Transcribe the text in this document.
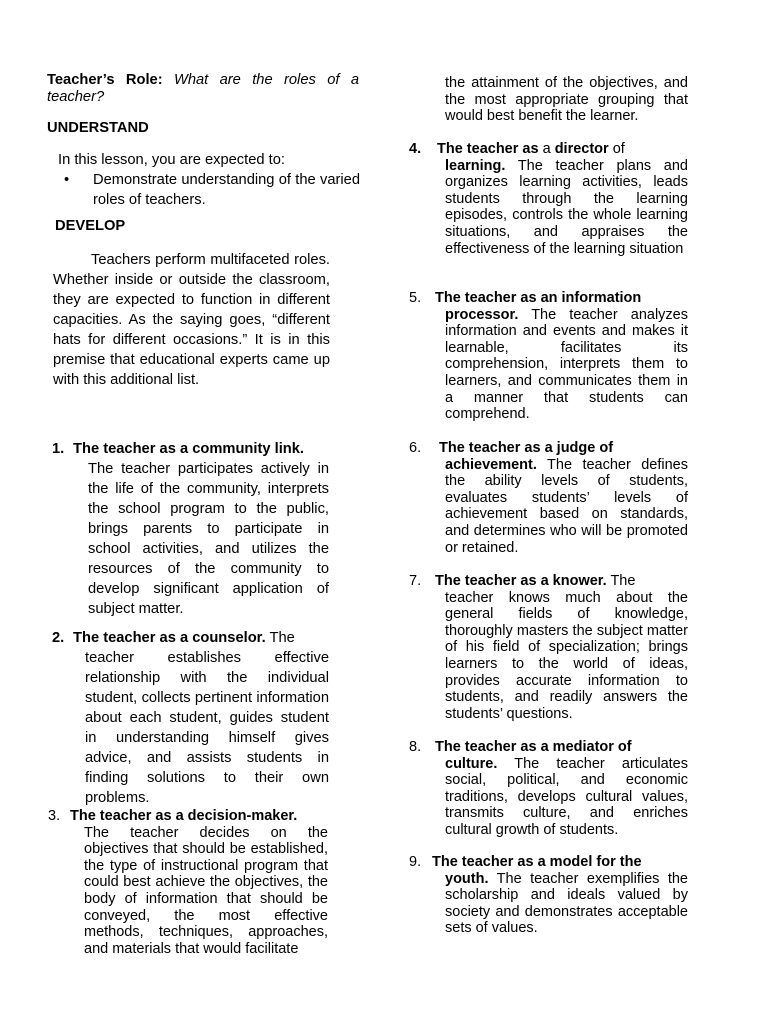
Teacher’s Role: What are the roles of a teacher?
UNDERSTAND
In this lesson, you are expected to:
• Demonstrate understanding of the varied roles of teachers.
DEVELOP
Teachers perform multifaceted roles. Whether inside or outside the classroom, they are expected to function in different capacities. As the saying goes, “different hats for different occasions.” It is in this premise that educational experts came up with this additional list.
1. The teacher as a community link.
The teacher participates actively in the life of the community, interprets the school program to the public, brings parents to participate in school activities, and utilizes the resources of the community to develop significant application of subject matter.
2. The teacher as a counselor. The
teacher establishes effective relationship with the individual student, collects pertinent information about each student, guides student in understanding himself gives advice, and assists students in finding solutions to their own problems.
3. The teacher as a decision-maker.
The teacher decides on the objectives that should be established, the type of instructional program that could best achieve the objectives, the body of information that should be conveyed, the most effective methods, techniques, approaches, and materials that would facilitate
the attainment of the objectives, and the most appropriate grouping that would best benefit the learner.
4. The teacher as a director of
learning. The teacher plans and organizes learning activities, leads students through the learning episodes, controls the whole learning situations, and appraises the effectiveness of the learning situation
5. The teacher as an information
processor. The teacher analyzes information and events and makes it learnable, facilitates its comprehension, interprets them to learners, and communicates them in a manner that students can comprehend.
6. The teacher as a judge of
achievement. The teacher defines the ability levels of students, evaluates students’ levels of achievement based on standards, and determines who will be promoted or retained.
7. The teacher as a knower. The
teacher knows much about the general fields of knowledge, thoroughly masters the subject matter of his field of specialization; brings learners to the world of ideas, provides accurate information to students, and readily answers the students’ questions.
8. The teacher as a mediator of
culture. The teacher articulates social, political, and economic traditions, develops cultural values, transmits culture, and enriches cultural growth of students.
9. The teacher as a model for the
youth. The teacher exemplifies the scholarship and ideals valued by society and demonstrates acceptable sets of values.
